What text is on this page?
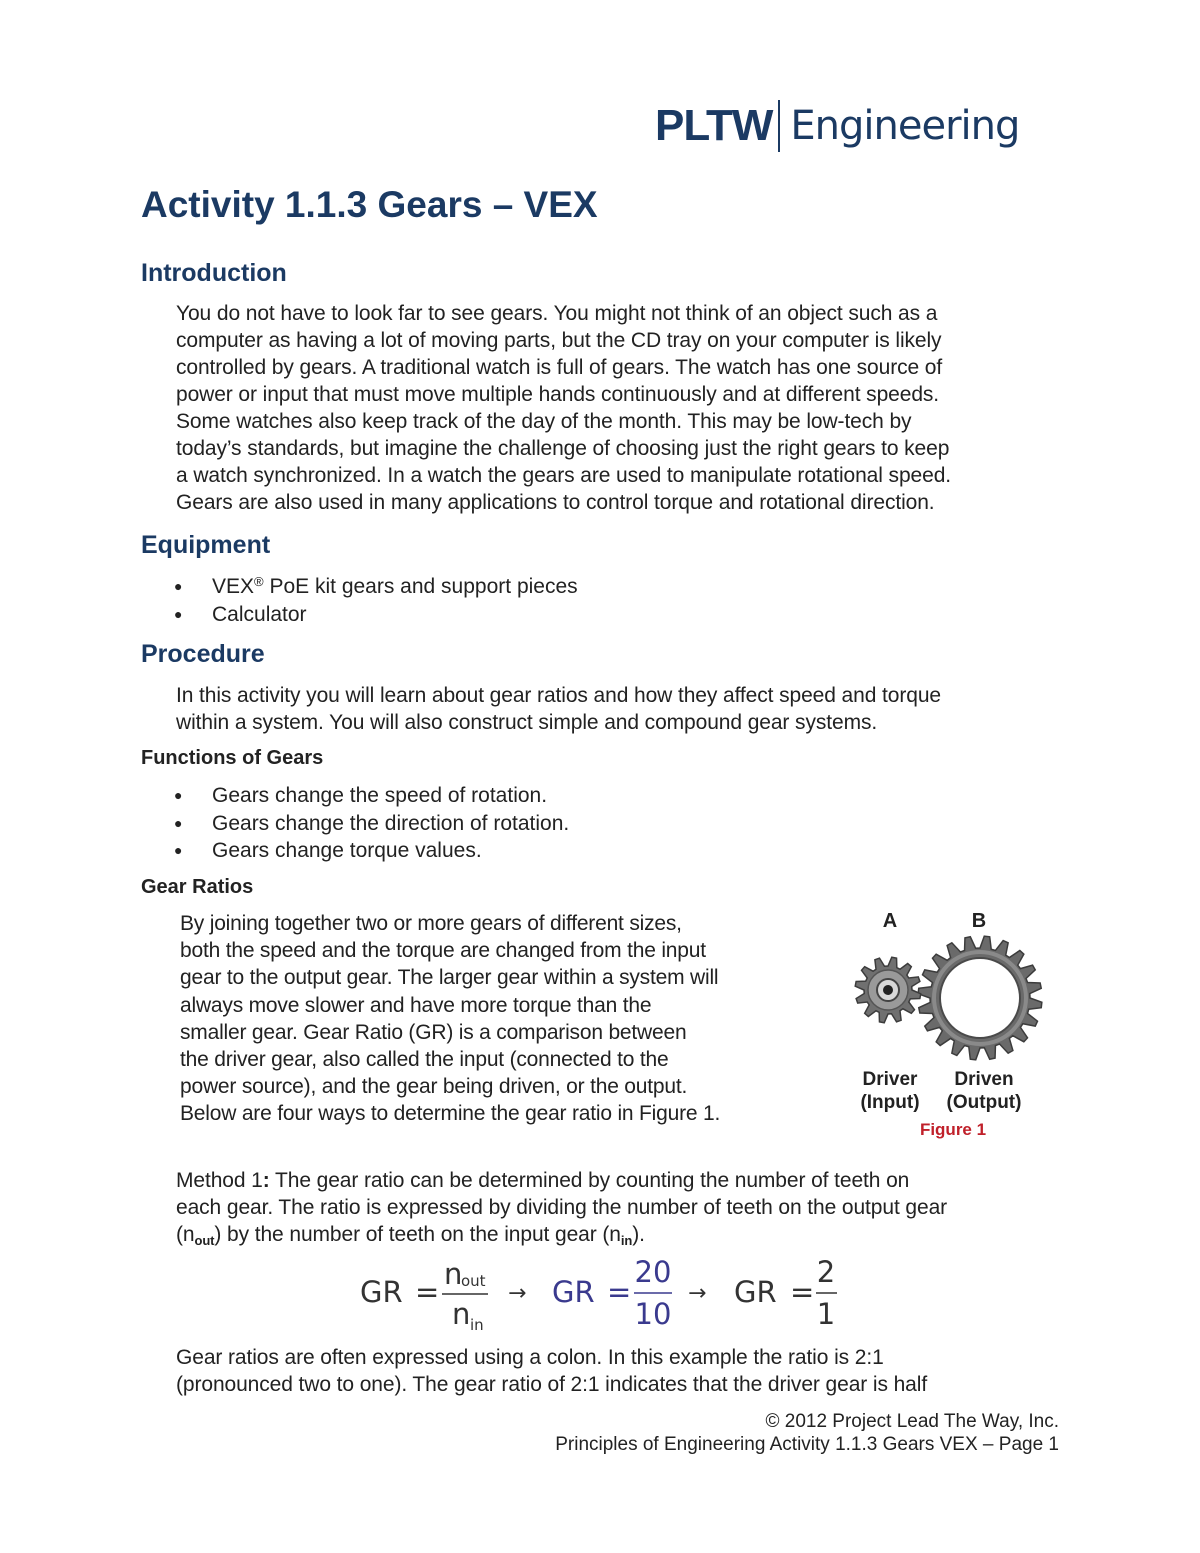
PLTW Engineering
Activity 1.1.3 Gears – VEX
Introduction
You do not have to look far to see gears. You might not think of an object such as a
computer as having a lot of moving parts, but the CD tray on your computer is likely
controlled by gears. A traditional watch is full of gears. The watch has one source of
power or input that must move multiple hands continuously and at different speeds.
Some watches also keep track of the day of the month. This may be low-tech by
today’s standards, but imagine the challenge of choosing just the right gears to keep
a watch synchronized. In a watch the gears are used to manipulate rotational speed.
Gears are also used in many applications to control torque and rotational direction.
Equipment
● VEX® PoE kit gears and support pieces
● Calculator
Procedure
In this activity you will learn about gear ratios and how they affect speed and torque
within a system. You will also construct simple and compound gear systems.
Functions of Gears
● Gears change the speed of rotation.
● Gears change the direction of rotation.
● Gears change torque values.
Gear Ratios
By joining together two or more gears of different sizes,
both the speed and the torque are changed from the input
gear to the output gear. The larger gear within a system will
always move slower and have more torque than the
smaller gear. Gear Ratio (GR) is a comparison between
the driver gear, also called the input (connected to the
power source), and the gear being driven, or the output.
Below are four ways to determine the gear ratio in Figure 1.
A	B
Driver
(Input)
Driven
(Output)
Figure 1
Method 1: The gear ratio can be determined by counting the number of teeth on
each gear. The ratio is expressed by dividing the number of teeth on the output gear
$(n_{out})$ by the number of teeth on the input gear $(n_{in})$.
GR =
n
out
n in
→ GR =
20
10
→ GR =
2
1
Gear ratios are often expressed using a colon. In this example the ratio is 2:1
(pronounced two to one). The gear ratio of 2:1 indicates that the driver gear is half
© 2012 Project Lead The Way, Inc.
Principles of Engineering Activity 1.1.3 Gears VEX – Page 1
